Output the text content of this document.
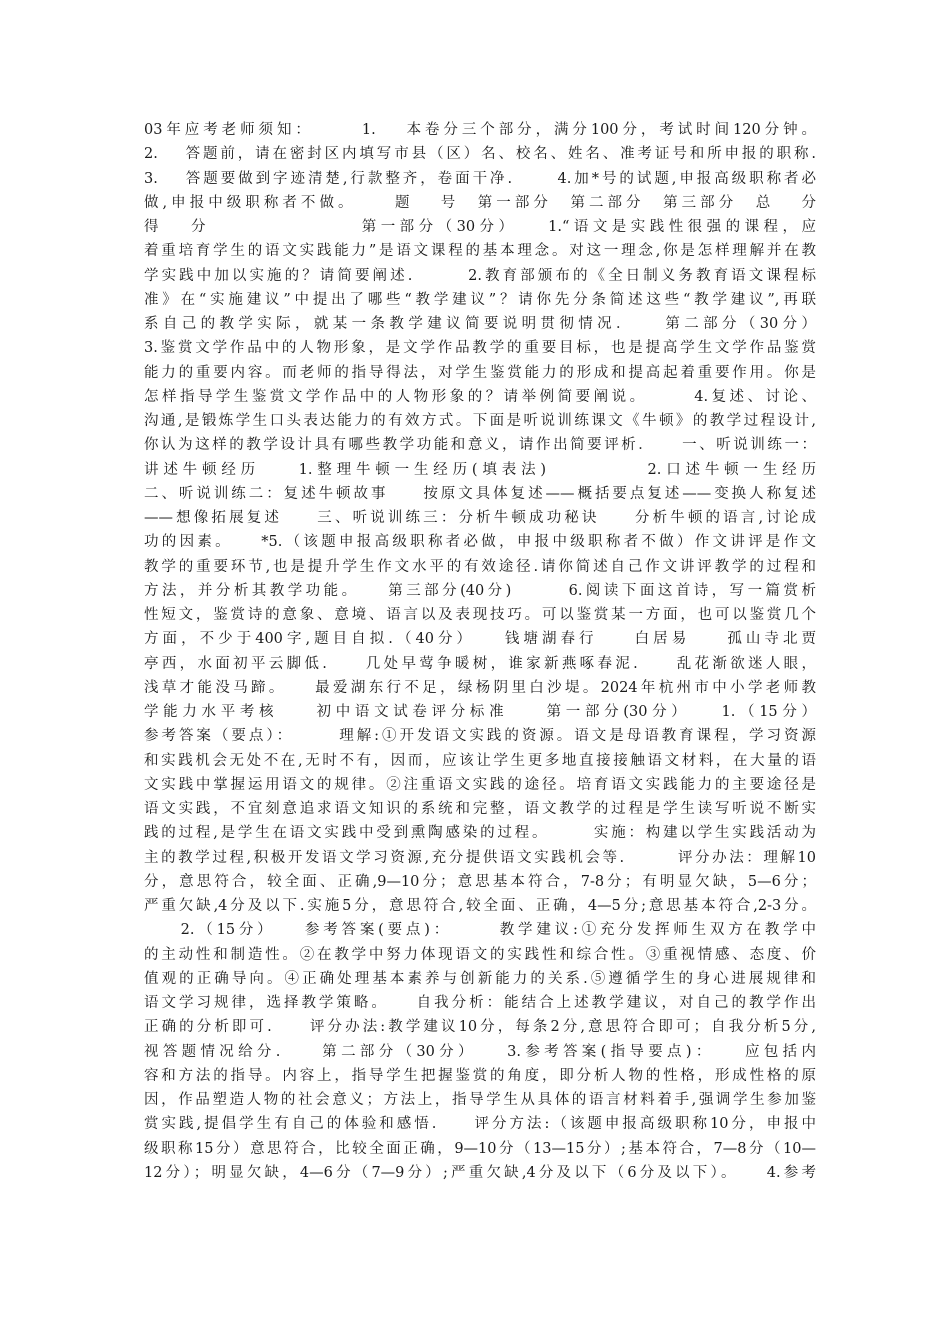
03年应考老师须知：　　　1.　 本卷分三个部分，满分100分，考试时间120分钟。
2.　 答题前，请在密封区内填写市县（区）名、校名、姓名、准考证号和所申报的职称.
3.　 答题要做到字迹清楚,行款整齐，卷面干净.　　 4.加*号的试题,申报高级职称者必
做,申报中级职称者不做。　　 题　 号　第一部分　第二部分　第三部分　总　 分
得　 分　　　　　　　　第一部分（30分）　　1.“语文是实践性很强的课程，应
着重培育学生的语文实践能力”是语文课程的基本理念。对这一理念,你是怎样理解并在教
学实践中加以实施的？请简要阐述.　　　2.教育部颁布的《全日制义务教育语文课程标
准》在“实施建议”中提出了哪些“教学建议”？请你先分条简述这些“教学建议”,再联
系自己的教学实际，就某一条教学建议简要说明贯彻情况．　　第二部分（30分）
3.鉴赏文学作品中的人物形象，是文学作品教学的重要目标，也是提高学生文学作品鉴赏
能力的重要内容。而老师的指导得法，对学生鉴赏能力的形成和提高起着重要作用。你是
怎样指导学生鉴赏文学作品中的人物形象的？请举例简要阐说。　　　4.复述、讨论、
沟通,是锻炼学生口头表达能力的有效方式。下面是听说训练课文《牛顿》的教学过程设计,
你认为这样的教学设计具有哪些教学功能和意义，请作出简要评析．　　一、听说训练一：
讲述牛顿经历　　1.整理牛顿一生经历(填表法)　　　　　2.口述牛顿一生经历
二、听说训练二：复述牛顿故事　　按原文具体复述——概括要点复述——变换人称复述
——想像拓展复述　　三、听说训练三：分析牛顿成功秘诀　　分析牛顿的语言,讨论成
功的因素。　　*5.（该题申报高级职称者必做，申报中级职称者不做）作文讲评是作文
教学的重要环节,也是提升学生作文水平的有效途径.请你简述自己作文讲评教学的过程和
方法，并分析其教学功能。　　第三部分(40分)　　　6.阅读下面这首诗，写一篇赏析
性短文，鉴赏诗的意象、意境、语言以及表现技巧。可以鉴赏某一方面，也可以鉴赏几个
方面，不少于400字,题目自拟.（40分）　　钱塘湖春行　　白居易　　孤山寺北贾
亭西，水面初平云脚低.　　几处早莺争暖树，谁家新燕啄春泥.　　乱花渐欲迷人眼，
浅草才能没马蹄。　　最爱湖东行不足，绿杨阴里白沙堤。2024年杭州市中小学老师教
学能力水平考核　　初中语文试卷评分标准　　第一部分(30分）　　1.（15分）
参考答案（要点）：　　　理解:①开发语文实践的资源。语文是母语教育课程，学习资源
和实践机会无处不在,无时不有，因而，应该让学生更多地直接接触语文材料，在大量的语
文实践中掌握运用语文的规律。②注重语文实践的途径。培育语文实践能力的主要途径是
语文实践，不宜刻意追求语文知识的系统和完整，语文教学的过程是学生读写听说不断实
践的过程,是学生在语文实践中受到熏陶感染的过程。　　　实施：构建以学生实践活动为
主的教学过程,积极开发语文学习资源,充分提供语文实践机会等.　　　评分办法：理解10
分，意思符合，较全面、正确,9—10分；意思基本符合，7-8分；有明显欠缺，5—6分；
严重欠缺,4分及以下.实施5分，意思符合,较全面、正确，4—5分;意思基本符合,2-3分。
　　2.（15分）　　参考答案(要点)：　　　教学建议:①充分发挥师生双方在教学中
的主动性和制造性。②在教学中努力体现语文的实践性和综合性。③重视情感、态度、价
值观的正确导向。④正确处理基本素养与创新能力的关系.⑤遵循学生的身心进展规律和
语文学习规律，选择教学策略。　　自我分析：能结合上述教学建议，对自己的教学作出
正确的分析即可.　　评分办法:教学建议10分，每条2分,意思符合即可；自我分析5分,
视答题情况给分.　　第二部分（30分）　　3.参考答案(指导要点)：　　应包括内
容和方法的指导。内容上，指导学生把握鉴赏的角度，即分析人物的性格，形成性格的原
因，作品塑造人物的社会意义；方法上，指导学生从具体的语言材料着手,强调学生参加鉴
赏实践,提倡学生有自己的体验和感悟.　　评分方法:（该题申报高级职称10分，申报中
级职称15分）意思符合，比较全面正确，9—10分（13—15分）;基本符合，7—8分（10—
12分）；明显欠缺，4—6分（7—9分）;严重欠缺,4分及以下（6分及以下）。　　4.参考
